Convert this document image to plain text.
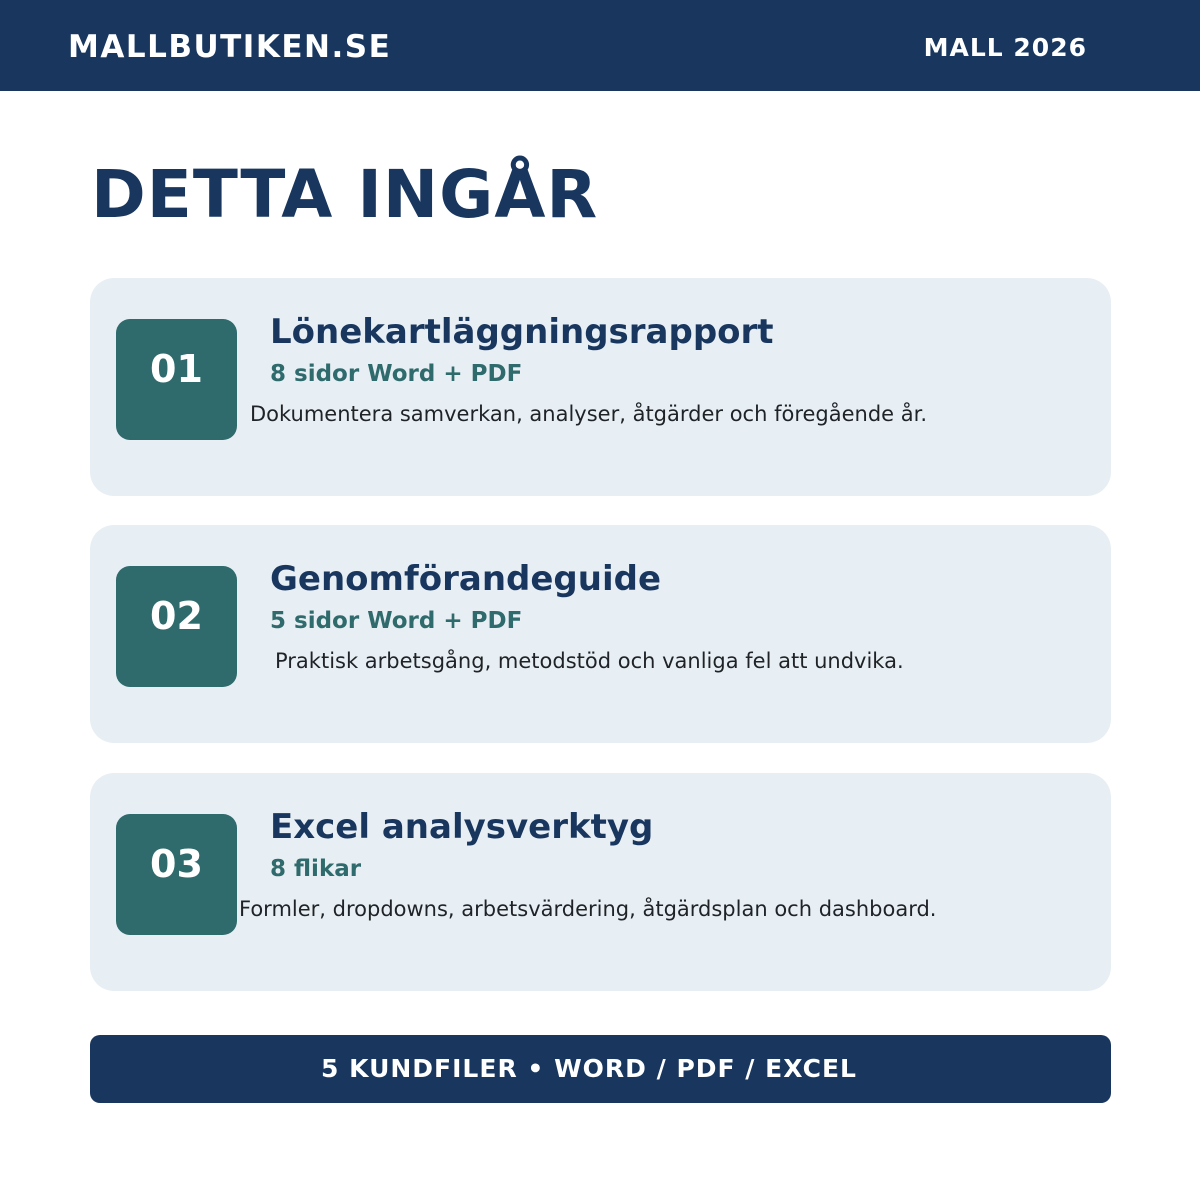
MALLBUTIKEN.SE	MALL 2026
DETTA INGÅR
01
Lönekartläggningsrapport
8 sidor Word + PDF
Dokumentera samverkan, analyser, åtgärder och föregående år.
02
Genomförandeguide
5 sidor Word + PDF
Praktisk arbetsgång, metodstöd och vanliga fel att undvika.
03
Excel analysverktyg
8 flikar
Formler, dropdowns, arbetsvärdering, åtgärdsplan och dashboard.
5 KUNDFILER • WORD / PDF / EXCEL
